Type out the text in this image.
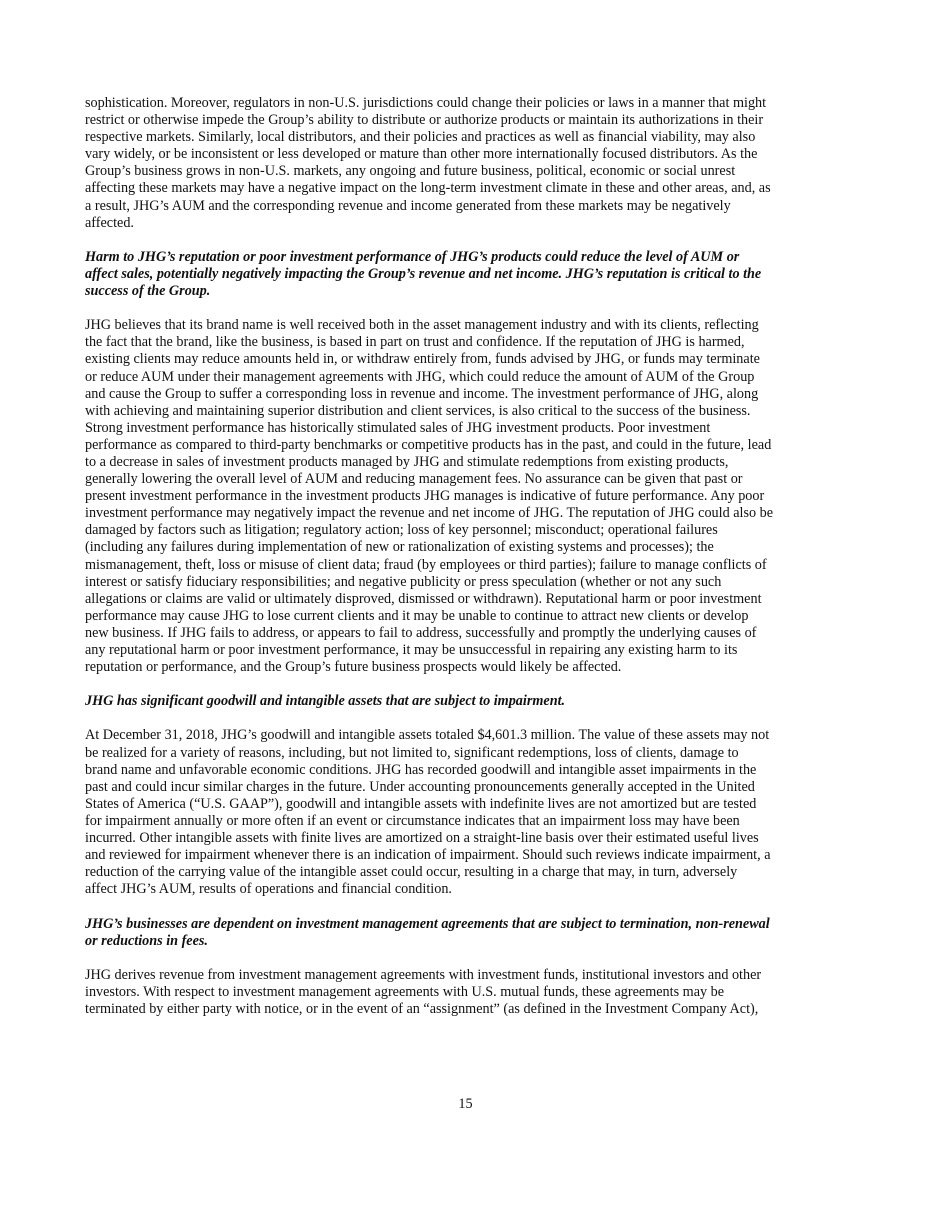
sophistication. Moreover, regulators in non-U.S. jurisdictions could change their policies or laws in a manner that might
restrict or otherwise impede the Group’s ability to distribute or authorize products or maintain its authorizations in their
respective markets. Similarly, local distributors, and their policies and practices as well as financial viability, may also
vary widely, or be inconsistent or less developed or mature than other more internationally focused distributors. As the
Group’s business grows in non-U.S. markets, any ongoing and future business, political, economic or social unrest
affecting these markets may have a negative impact on the long-term investment climate in these and other areas, and, as
a result, JHG’s AUM and the corresponding revenue and income generated from these markets may be negatively
affected.
Harm to JHG’s reputation or poor investment performance of JHG’s products could reduce the level of AUM or
affect sales, potentially negatively impacting the Group’s revenue and net income. JHG’s reputation is critical to the
success of the Group.
JHG believes that its brand name is well received both in the asset management industry and with its clients, reflecting
the fact that the brand, like the business, is based in part on trust and confidence. If the reputation of JHG is harmed,
existing clients may reduce amounts held in, or withdraw entirely from, funds advised by JHG, or funds may terminate
or reduce AUM under their management agreements with JHG, which could reduce the amount of AUM of the Group
and cause the Group to suffer a corresponding loss in revenue and income. The investment performance of JHG, along
with achieving and maintaining superior distribution and client services, is also critical to the success of the business.
Strong investment performance has historically stimulated sales of JHG investment products. Poor investment
performance as compared to third-party benchmarks or competitive products has in the past, and could in the future, lead
to a decrease in sales of investment products managed by JHG and stimulate redemptions from existing products,
generally lowering the overall level of AUM and reducing management fees. No assurance can be given that past or
present investment performance in the investment products JHG manages is indicative of future performance. Any poor
investment performance may negatively impact the revenue and net income of JHG. The reputation of JHG could also be
damaged by factors such as litigation; regulatory action; loss of key personnel; misconduct; operational failures
(including any failures during implementation of new or rationalization of existing systems and processes); the
mismanagement, theft, loss or misuse of client data; fraud (by employees or third parties); failure to manage conflicts of
interest or satisfy fiduciary responsibilities; and negative publicity or press speculation (whether or not any such
allegations or claims are valid or ultimately disproved, dismissed or withdrawn). Reputational harm or poor investment
performance may cause JHG to lose current clients and it may be unable to continue to attract new clients or develop
new business. If JHG fails to address, or appears to fail to address, successfully and promptly the underlying causes of
any reputational harm or poor investment performance, it may be unsuccessful in repairing any existing harm to its
reputation or performance, and the Group’s future business prospects would likely be affected.
JHG has significant goodwill and intangible assets that are subject to impairment.
At December 31, 2018, JHG’s goodwill and intangible assets totaled $4,601.3 million. The value of these assets may not
be realized for a variety of reasons, including, but not limited to, significant redemptions, loss of clients, damage to
brand name and unfavorable economic conditions. JHG has recorded goodwill and intangible asset impairments in the
past and could incur similar charges in the future. Under accounting pronouncements generally accepted in the United
States of America (“U.S. GAAP”), goodwill and intangible assets with indefinite lives are not amortized but are tested
for impairment annually or more often if an event or circumstance indicates that an impairment loss may have been
incurred. Other intangible assets with finite lives are amortized on a straight-line basis over their estimated useful lives
and reviewed for impairment whenever there is an indication of impairment. Should such reviews indicate impairment, a
reduction of the carrying value of the intangible asset could occur, resulting in a charge that may, in turn, adversely
affect JHG’s AUM, results of operations and financial condition.
JHG’s businesses are dependent on investment management agreements that are subject to termination, non-renewal
or reductions in fees.
JHG derives revenue from investment management agreements with investment funds, institutional investors and other
investors. With respect to investment management agreements with U.S. mutual funds, these agreements may be
terminated by either party with notice, or in the event of an “assignment” (as defined in the Investment Company Act),
15
